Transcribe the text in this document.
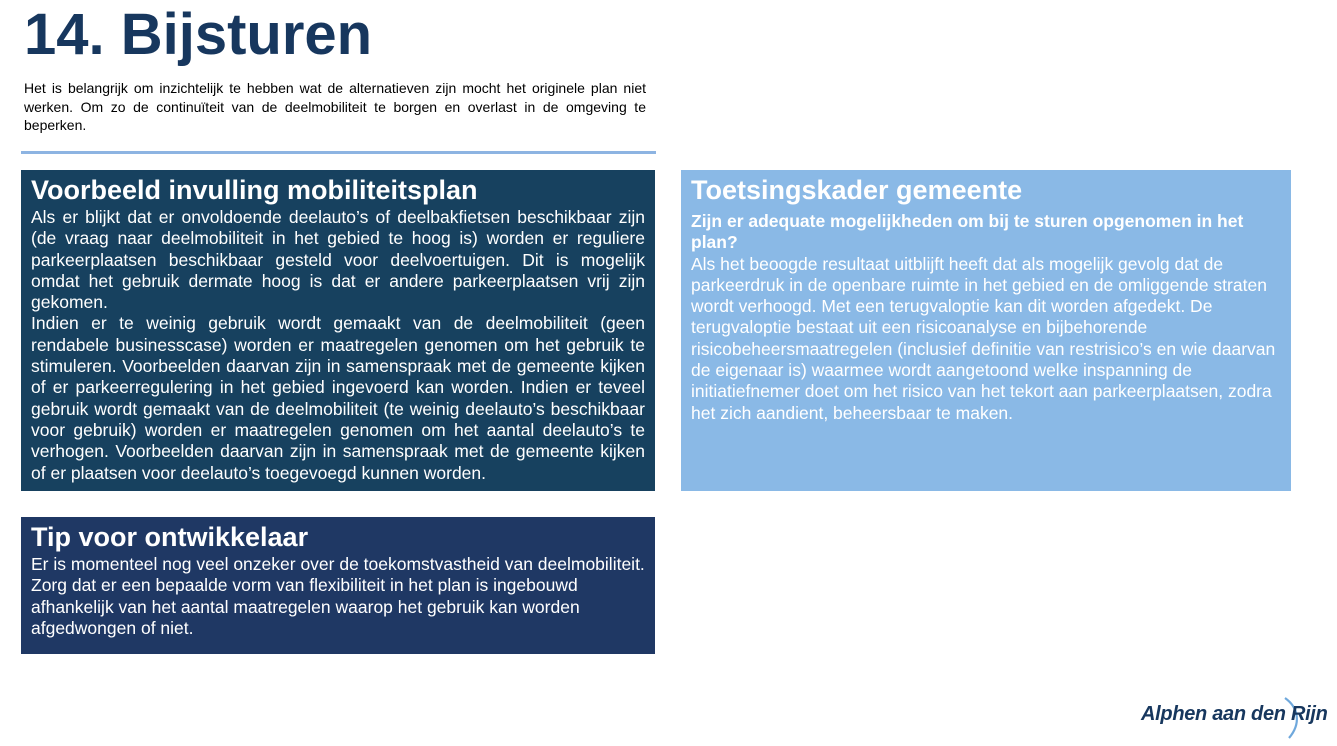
14. Bijsturen

Het is belangrijk om inzichtelijk te hebben wat de alternatieven zijn mocht het originele plan niet werken. Om zo de continuïteit van de deelmobiliteit te borgen en overlast in de omgeving te beperken.

Voorbeeld invulling mobiliteitsplan

Als er blijkt dat er onvoldoende deelauto’s of deelbakfietsen beschikbaar zijn (de vraag naar deelmobiliteit in het gebied te hoog is) worden er reguliere parkeerplaatsen beschikbaar gesteld voor deelvoertuigen. Dit is mogelijk omdat het gebruik dermate hoog is dat er andere parkeerplaatsen vrij zijn gekomen.

Indien er te weinig gebruik wordt gemaakt van de deelmobiliteit (geen rendabele businesscase) worden er maatregelen genomen om het gebruik te stimuleren. Voorbeelden daarvan zijn in samenspraak met de gemeente kijken of er parkeerregulering in het gebied ingevoerd kan worden. Indien er teveel gebruik wordt gemaakt van de deelmobiliteit (te weinig deelauto’s beschikbaar voor gebruik) worden er maatregelen genomen om het aantal deelauto’s te verhogen. Voorbeelden daarvan zijn in samenspraak met de gemeente kijken of er plaatsen voor deelauto’s toegevoegd kunnen worden.

Toetsingskader gemeente

Zijn er adequate mogelijkheden om bij te sturen opgenomen in het plan?

Als het beoogde resultaat uitblijft heeft dat als mogelijk gevolg dat de parkeerdruk in de openbare ruimte in het gebied en de omliggende straten wordt verhoogd. Met een terugvaloptie kan dit worden afgedekt. De terugvaloptie bestaat uit een risicoanalyse en bijbehorende risicobeheersmaatregelen (inclusief definitie van restrisico’s en wie daarvan de eigenaar is) waarmee wordt aangetoond welke inspanning de initiatiefnemer doet om het risico van het tekort aan parkeerplaatsen, zodra het zich aandient, beheersbaar te maken.

Tip voor ontwikkelaar

Er is momenteel nog veel onzeker over de toekomstvastheid van deelmobiliteit. Zorg dat er een bepaalde vorm van flexibiliteit in het plan is ingebouwd afhankelijk van het aantal maatregelen waarop het gebruik kan worden afgedwongen of niet.

Alphen aan den Rijn
